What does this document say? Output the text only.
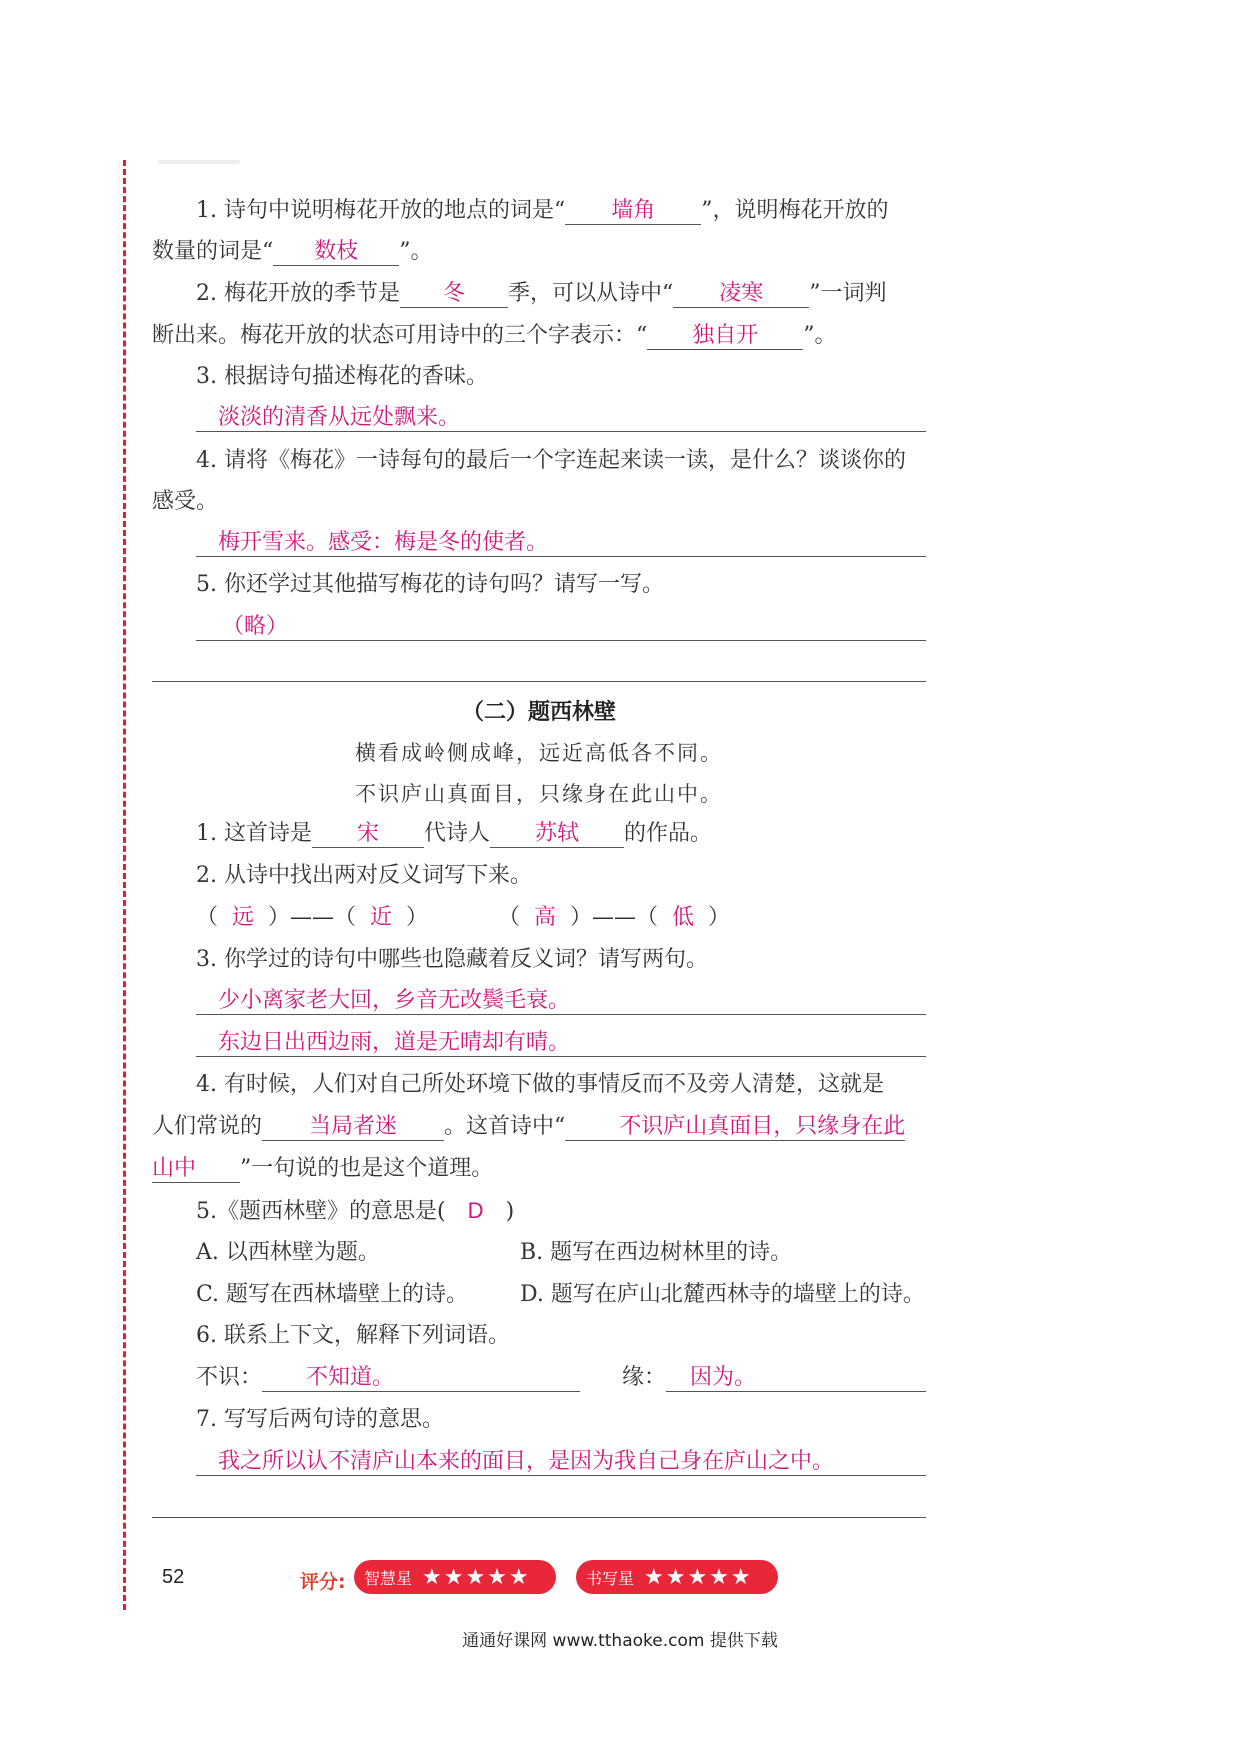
1. 诗句中说明梅花开放的地点的词是“ 墙角 ”，说明梅花开放的
数量的词是“ 数枝 ”。
2. 梅花开放的季节是 冬 季，可以从诗中“ 凌寒 ”一词判
断出来。梅花开放的状态可用诗中的三个字表示：“ 独自开 ”。
3. 根据诗句描述梅花的香味。
淡淡的清香从远处飘来。
4. 请将《梅花》一诗每句的最后一个字连起来读一读，是什么？谈谈你的
感受。
梅开雪来。感受：梅是冬的使者。
5. 你还学过其他描写梅花的诗句吗？请写一写。
（略）
（二）题西林壁
横看成岭侧成峰，远近高低各不同。
不识庐山真面目，只缘身在此山中。
1. 这首诗是 宋 代诗人 苏轼 的作品。
2. 从诗中找出两对反义词写下来。
（  远  ）——（  近  ）	（  高  ）——（  低  ）
3. 你学过的诗句中哪些也隐藏着反义词？请写两句。
少小离家老大回，乡音无改鬓毛衰。
东边日出西边雨，道是无晴却有晴。
4. 有时候，人们对自己所处环境下做的事情反而不及旁人清楚，这就是
人们常说的 当局者迷 。这首诗中“ 不识庐山真面目，只缘身在此
山中 ”一句说的也是这个道理。
5.《题西林壁》的意思是( D )
A. 以西林壁为题。	B. 题写在西边树林里的诗。
C. 题写在西林墙壁上的诗。 D. 题写在庐山北麓西林寺的墙壁上的诗。
6. 联系上下文，解释下列词语。
不识： 不知道。	缘： 因为。
7. 写写后两句诗的意思。
我之所以认不清庐山本来的面目，是因为我自己身在庐山之中。
52	评分: 智慧星 ★★★★★	书写星 ★★★★★
通通好课网 www.tthaoke.com 提供下载
